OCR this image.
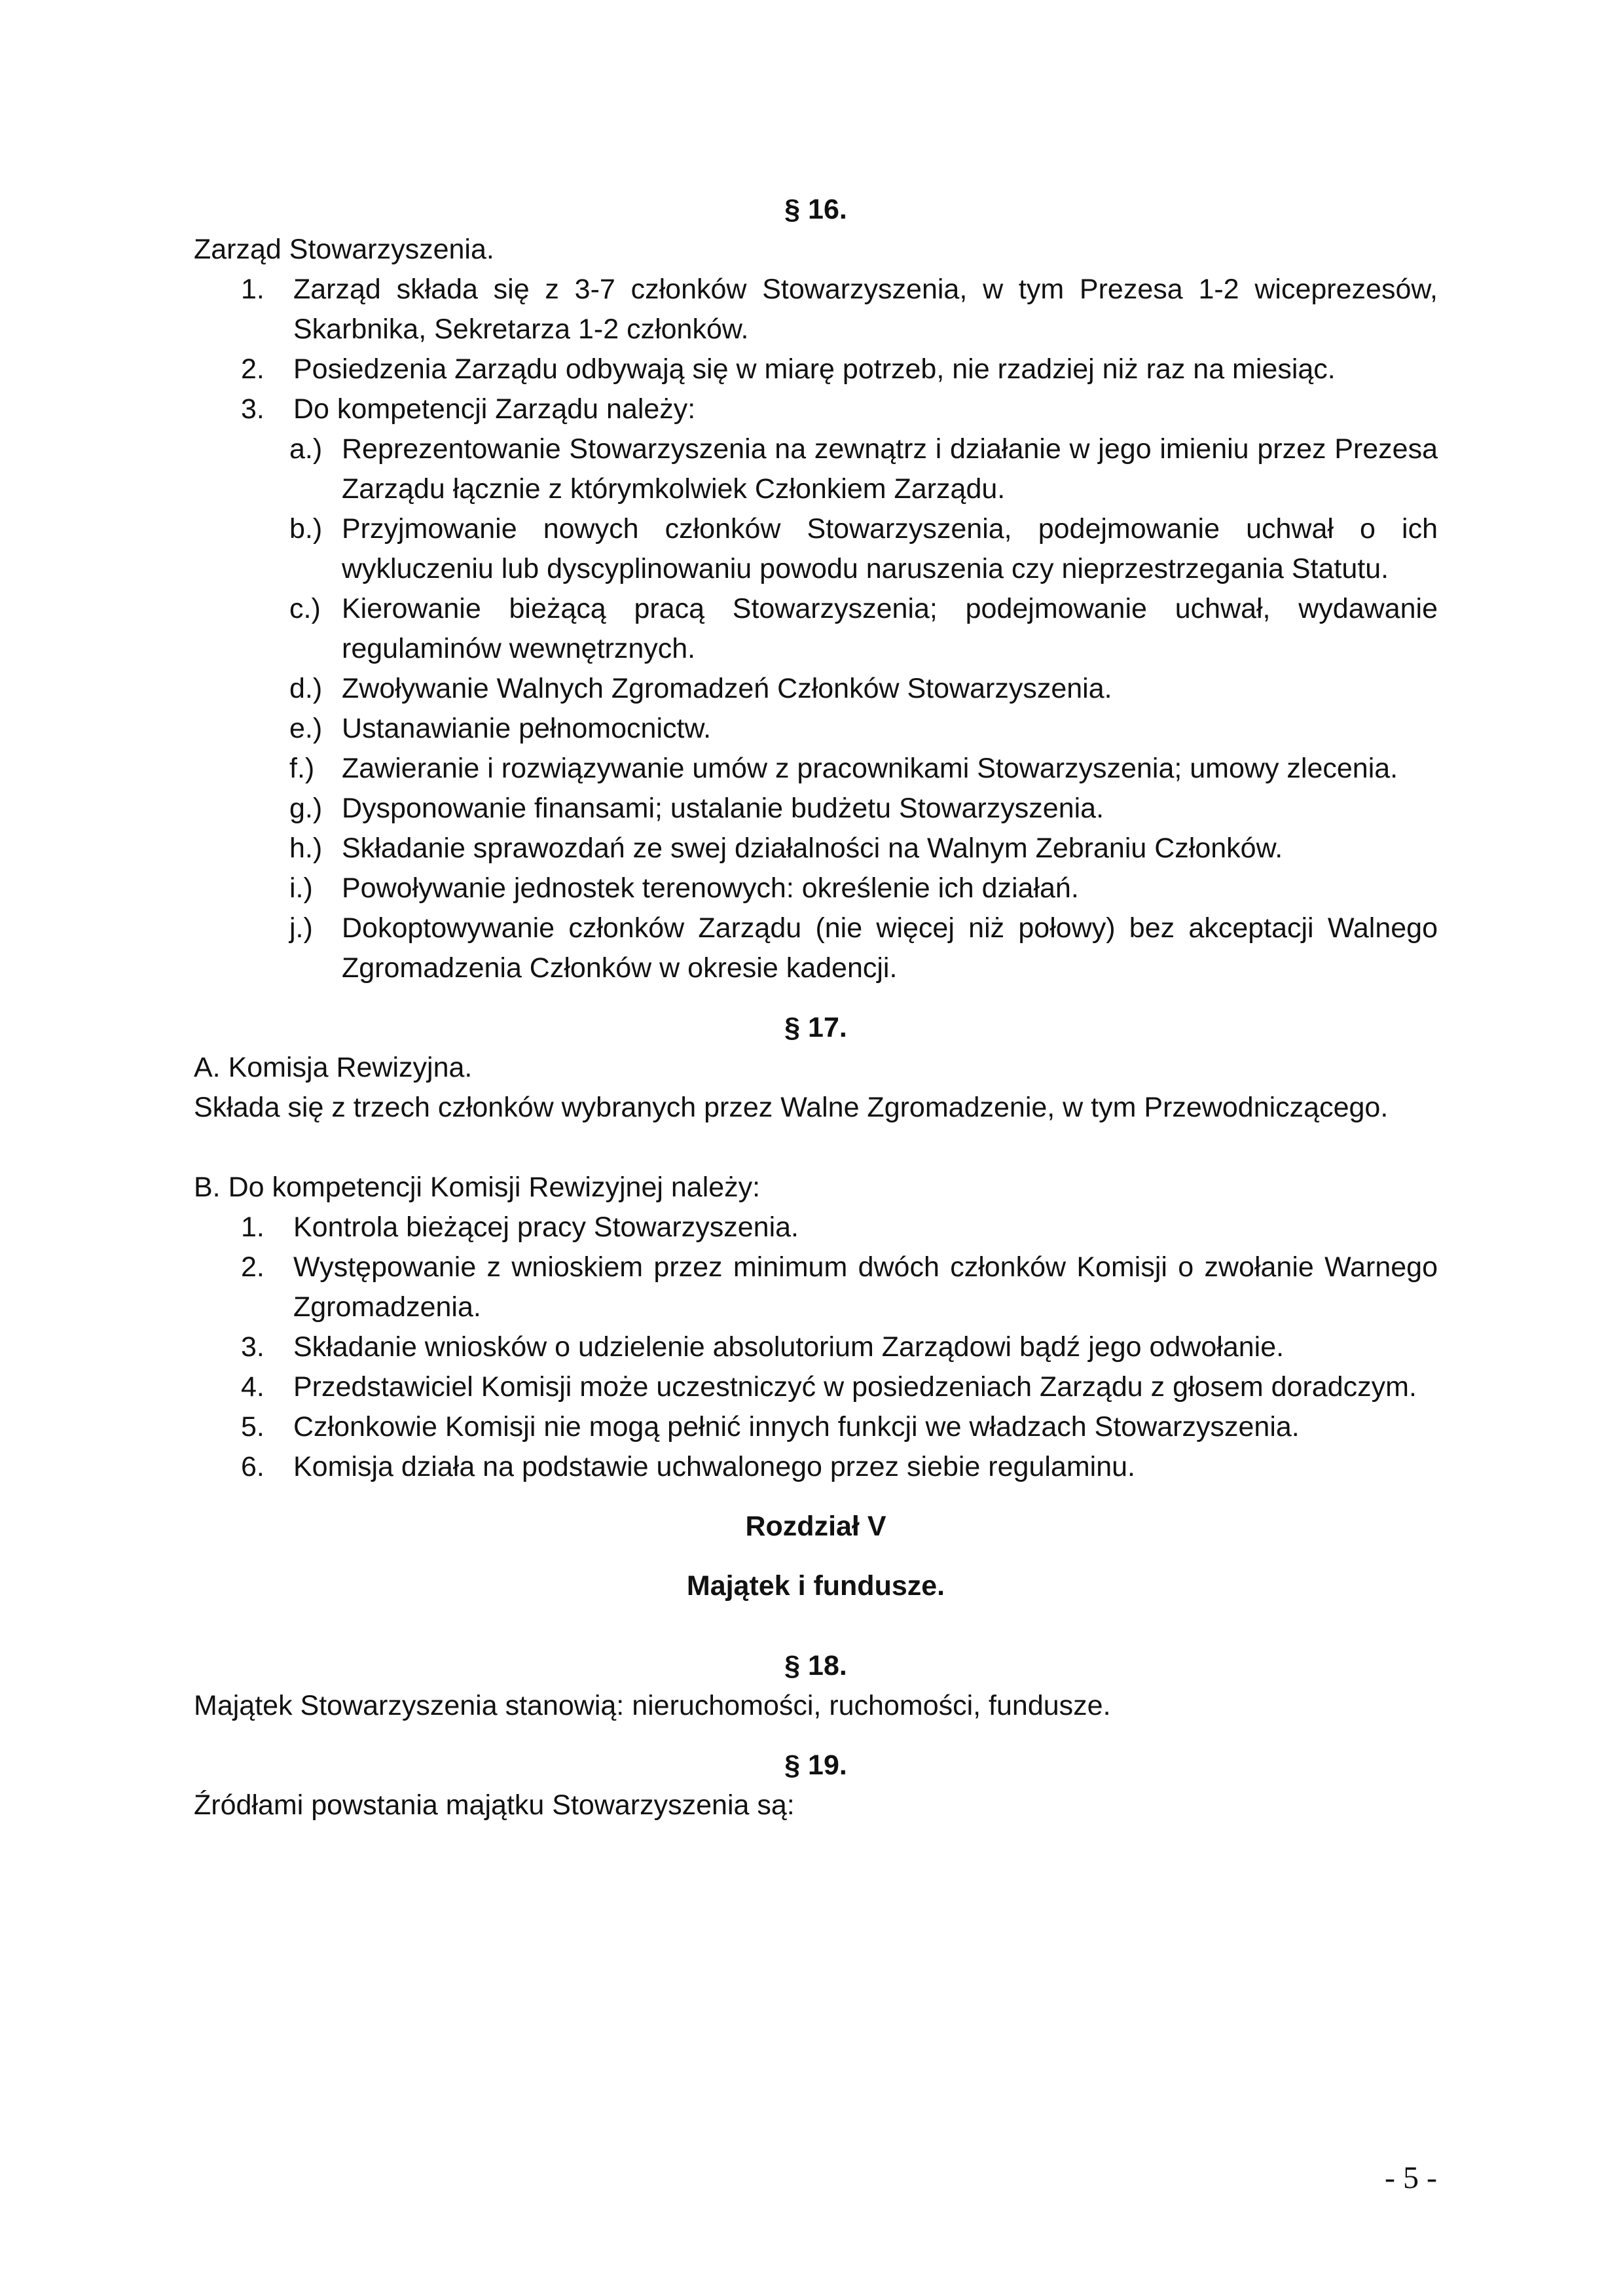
§ 16.

Zarząd Stowarzyszenia.

1. Zarząd składa się z 3-7 członków Stowarzyszenia, w tym Prezesa 1-2 wiceprezesów, Skarbnika, Sekretarza 1-2 członków.
2. Posiedzenia Zarządu odbywają się w miarę potrzeb, nie rzadziej niż raz na miesiąc.
3. Do kompetencji Zarządu należy:
a.) Reprezentowanie Stowarzyszenia na zewnątrz i działanie w jego imieniu przez Prezesa Zarządu łącznie z którymkolwiek Członkiem Zarządu.
b.) Przyjmowanie nowych członków Stowarzyszenia, podejmowanie uchwał o ich wykluczeniu lub dyscyplinowaniu powodu naruszenia czy nieprzestrzegania Statutu.
c.) Kierowanie bieżącą pracą Stowarzyszenia; podejmowanie uchwał, wydawanie regulaminów wewnętrznych.
d.) Zwoływanie Walnych Zgromadzeń Członków Stowarzyszenia.
e.) Ustanawianie pełnomocnictw.
f.) Zawieranie i rozwiązywanie umów z pracownikami Stowarzyszenia; umowy zlecenia.
g.) Dysponowanie finansami; ustalanie budżetu Stowarzyszenia.
h.) Składanie sprawozdań ze swej działalności na Walnym Zebraniu Członków.
i.) Powoływanie jednostek terenowych: określenie ich działań.
j.) Dokoptowywanie członków Zarządu (nie więcej niż połowy) bez akceptacji Walnego Zgromadzenia Członków w okresie kadencji.
§ 17.

A. Komisja Rewizyjna.

Składa się z trzech członków wybranych przez Walne Zgromadzenie, w tym Przewodniczącego.

B. Do kompetencji Komisji Rewizyjnej należy:

1. Kontrola bieżącej pracy Stowarzyszenia.
2. Występowanie z wnioskiem przez minimum dwóch członków Komisji o zwołanie Warnego Zgromadzenia.
3. Składanie wniosków o udzielenie absolutorium Zarządowi bądź jego odwołanie.
4. Przedstawiciel Komisji może uczestniczyć w posiedzeniach Zarządu z głosem doradczym.
5. Członkowie Komisji nie mogą pełnić innych funkcji we władzach Stowarzyszenia.
6. Komisja działa na podstawie uchwalonego przez siebie regulaminu.
Rozdział V
Majątek i fundusze.
§ 18.

Majątek Stowarzyszenia stanowią: nieruchomości, ruchomości, fundusze.

§ 19.

Źródłami powstania majątku Stowarzyszenia są:

- 5 -
